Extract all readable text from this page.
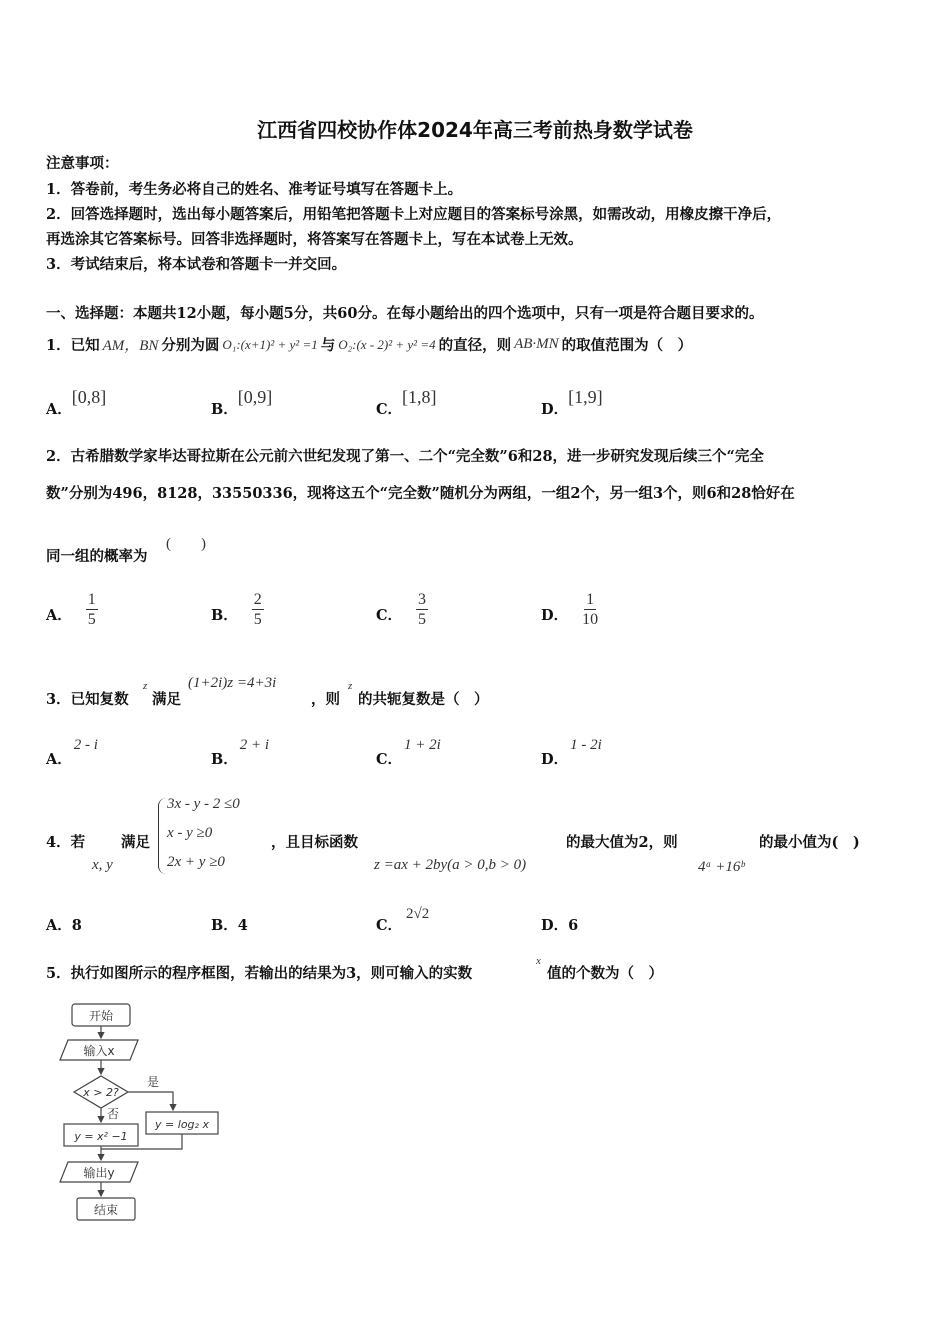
江西省四校协作体2024年高三考前热身数学试卷
注意事项：
1．答卷前，考生务必将自己的姓名、准考证号填写在答题卡上。
2．回答选择题时，选出每小题答案后，用铅笔把答题卡上对应题目的答案标号涂黑，如需改动，用橡皮擦干净后，
再选涂其它答案标号。回答非选择题时，将答案写在答题卡上，写在本试卷上无效。
3．考试结束后，将本试卷和答题卡一并交回。
一、选择题：本题共12小题，每小题5分，共60分。在每小题给出的四个选项中，只有一项是符合题目要求的。
1．已知 AM，BN 分别为圆 O₁:(x+1)² + y² =1 与 O₂:(x - 2)² + y² =4 的直径，则 AB·MN 的取值范围为（　）
A．[0,8]
B．[0,9]
C．[1,8]
D．[1,9]
2．古希腊数学家毕达哥拉斯在公元前六世纪发现了第一、二个“完全数”6和28，进一步研究发现后续三个“完全
数”分别为496，8128，33550336，现将这五个“完全数”随机分为两组，一组2个，另一组3个，则6和28恰好在
同一组的概率为
(　　)
A． $\frac{1}{5}$	B． $\frac{2}{5}$	C． $\frac{3}{5}$	D． $\frac{1}{10}$
3．已知复数
z
满足
(1+2i)z =4+3i
，则
z
的共轭复数是（　）
A．2 - i
B．2 + i
C．1 + 2i
D．1 - 2i
4．若 满足
x, y
3x - y - 2 ≤0
x - y ≥0
2x + y ≥0
，且目标函数
z =ax + 2by(a > 0,b > 0)
的最大值为2，则
4ᵃ +16ᵇ
的最小值为(　)
A．8	B．4	C．2√2
D．6
5．执行如图所示的程序框图，若输出的结果为3，则可输入的实数
x
值的个数为（　）
开始
输入x
x > 2?
是
否
y = x² −1
y = log₂ x
输出y
结束
